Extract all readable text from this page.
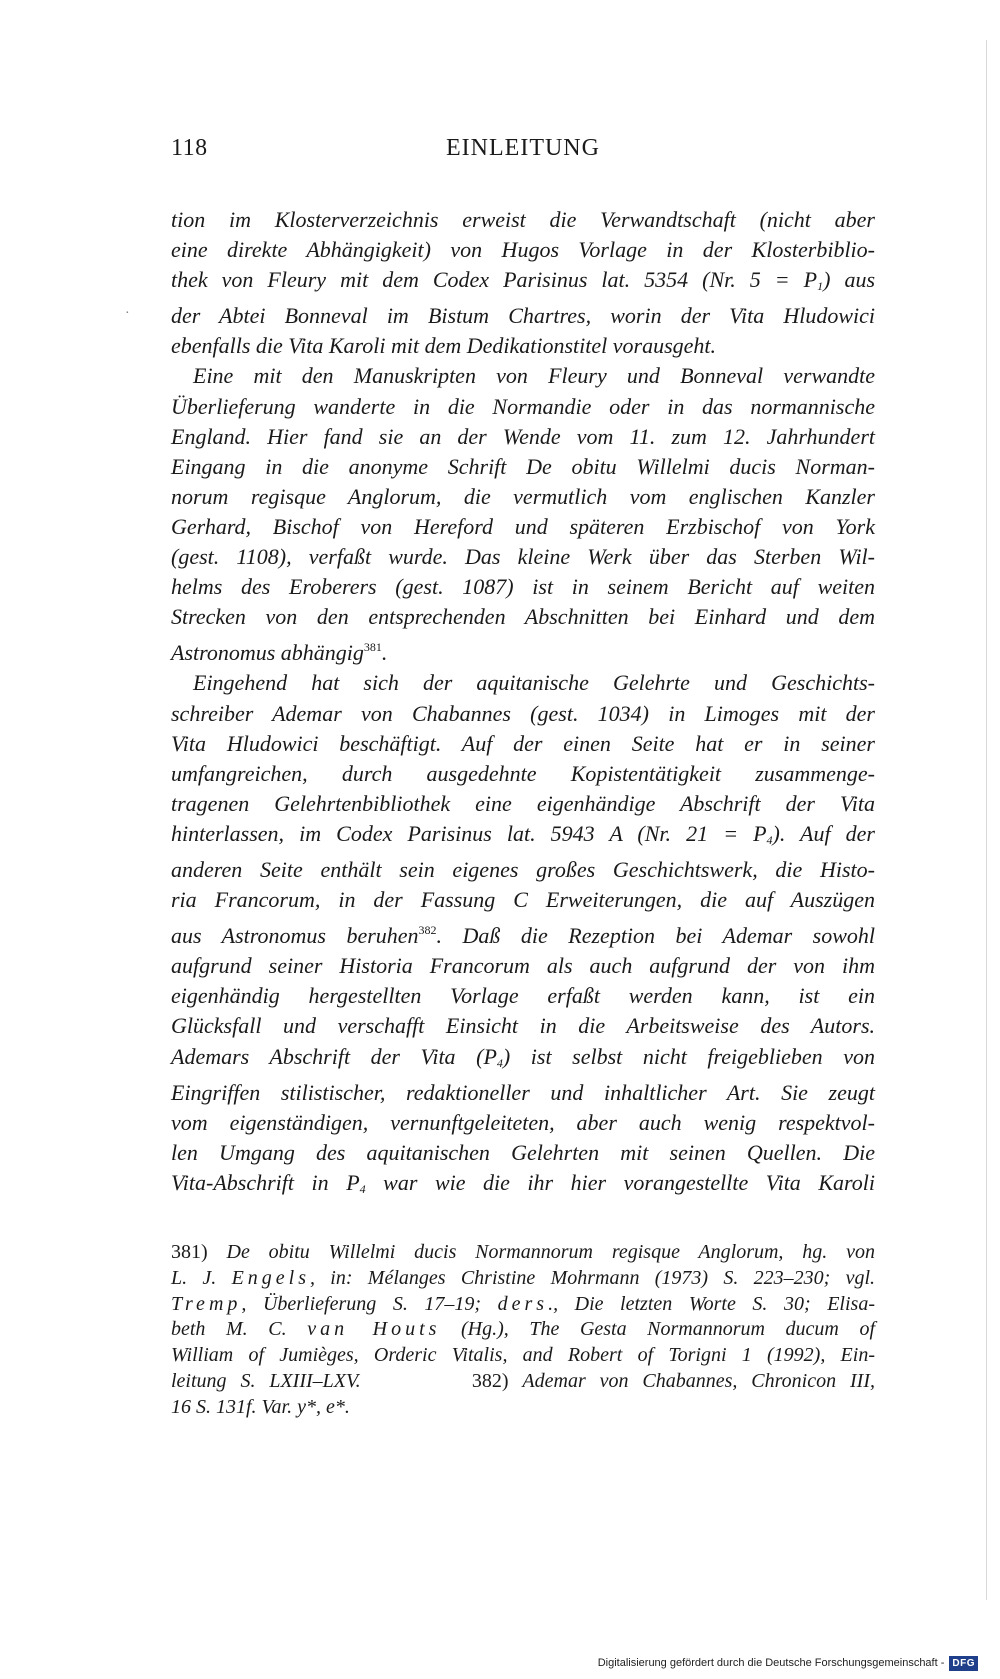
·
118	EINLEITUNG

tion im Klosterverzeichnis erweist die Verwandtschaft (nicht aber
eine direkte Abhängigkeit) von Hugos Vorlage in der Klosterbiblio-
thek von Fleury mit dem Codex Parisinus lat. 5354 (Nr. $5 = P_1$) aus
der Abtei Bonneval im Bistum Chartres, worin der Vita Hludowici
ebenfalls die Vita Karoli mit dem Dedikationstitel vorausgeht.

Eine mit den Manuskripten von Fleury und Bonneval verwandte
Überlieferung wanderte in die Normandie oder in das normannische
England. Hier fand sie an der Wende vom 11. zum 12. Jahrhundert
Eingang in die anonyme Schrift De obitu Willelmi ducis Norman-
norum regisque Anglorum, die vermutlich vom englischen Kanzler
Gerhard, Bischof von Hereford und späteren Erzbischof von York
(gest. 1108), verfaßt wurde. Das kleine Werk über das Sterben Wil-
helms des Eroberers (gest. 1087) ist in seinem Bericht auf weiten
Strecken von den entsprechenden Abschnitten bei Einhard und dem
Astronomus abhängig$^{381}$.

Eingehend hat sich der aquitanische Gelehrte und Geschichts-
schreiber Ademar von Chabannes (gest. 1034) in Limoges mit der
Vita Hludowici beschäftigt. Auf der einen Seite hat er in seiner
umfangreichen, durch ausgedehnte Kopistentätigkeit zusammenge-
tragenen Gelehrtenbibliothek eine eigenhändige Abschrift der Vita
hinterlassen, im Codex Parisinus lat. 5943 A (Nr. $21 = P_4$). Auf der
anderen Seite enthält sein eigenes großes Geschichtswerk, die Histo-
ria Francorum, in der Fassung C Erweiterungen, die auf Auszügen
aus Astronomus beruhen$^{382}$. Daß die Rezeption bei Ademar sowohl
aufgrund seiner Historia Francorum als auch aufgrund der von ihm
eigenhändig hergestellten Vorlage erfaßt werden kann, ist ein
Glücksfall und verschafft Einsicht in die Arbeitsweise des Autors.
Ademars Abschrift der Vita $(P_4)$ ist selbst nicht freigeblieben von
Eingriffen stilistischer, redaktioneller und inhaltlicher Art. Sie zeugt
vom eigenständigen, vernunftgeleiteten, aber auch wenig respektvol-
len Umgang des aquitanischen Gelehrten mit seinen Quellen. Die
Vita-Abschrift in $P_4$ war wie die ihr hier vorangestellte Vita Karoli

381) De obitu Willelmi ducis Normannorum regisque Anglorum, hg. von
L. J. Engels, in: Mélanges Christine Mohrmann (1973) S. 223–230; vgl.
Tremp, Überlieferung S. 17–19; ders., Die letzten Worte S. 30; Elisa-
beth M. C. van Houts (Hg.), The Gesta Normannorum ducum of
William of Jumièges, Orderic Vitalis, and Robert of Torigni 1 (1992), Ein-
leitung S. LXIII–LXV.	382) Ademar von Chabannes, Chronicon III,
16 S. 131f. Var. y*, e*.
Digitalisierung gefördert durch die Deutsche Forschungsgemeinschaft - DFG
